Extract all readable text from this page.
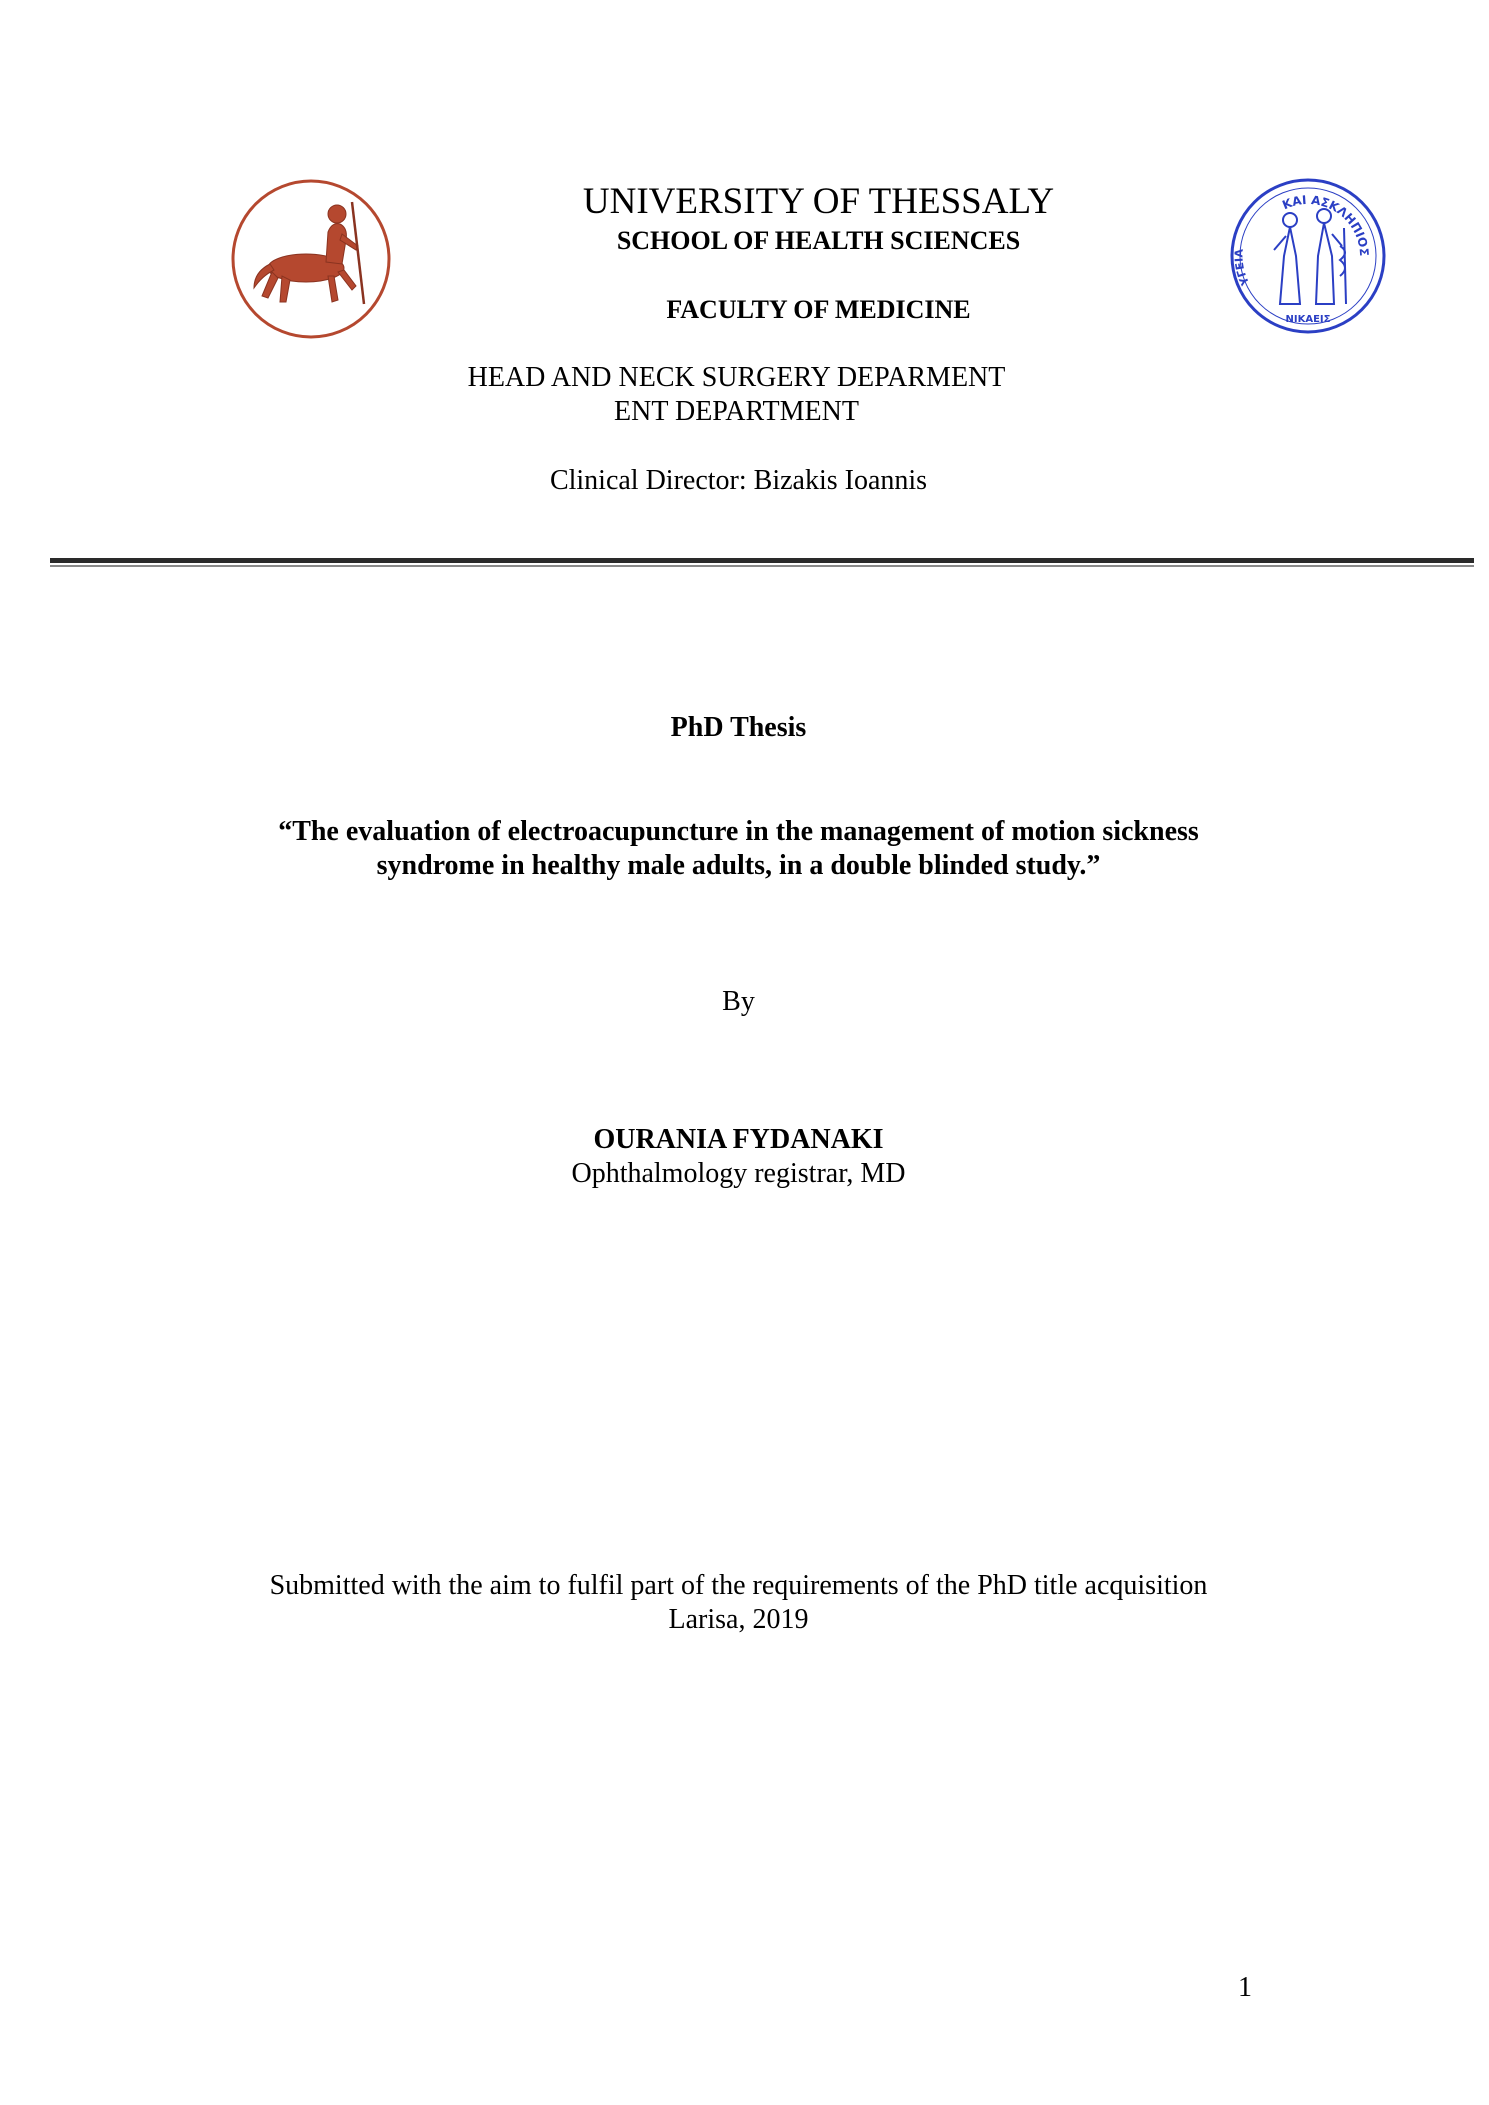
ΚΑΙ ΑΣΚΛΗΠΙΟΣ
ΥΓΕΙΑ
ΝΙΚΑΕΙΣ
UNIVERSITY OF THESSALY
SCHOOL OF HEALTH SCIENCES
FACULTY OF MEDICINE
HEAD AND NECK SURGERY DEPARMENT
ENT DEPARTMENT
Clinical Director: Bizakis Ioannis
PhD Thesis
“The evaluation of electroacupuncture in the management of motion sickness
syndrome in healthy male adults, in a double blinded study.”
By
OURANIA FYDANAKI
Ophthalmology registrar, MD
Submitted with the aim to fulfil part of the requirements of the PhD title acquisition
Larisa, 2019
1
